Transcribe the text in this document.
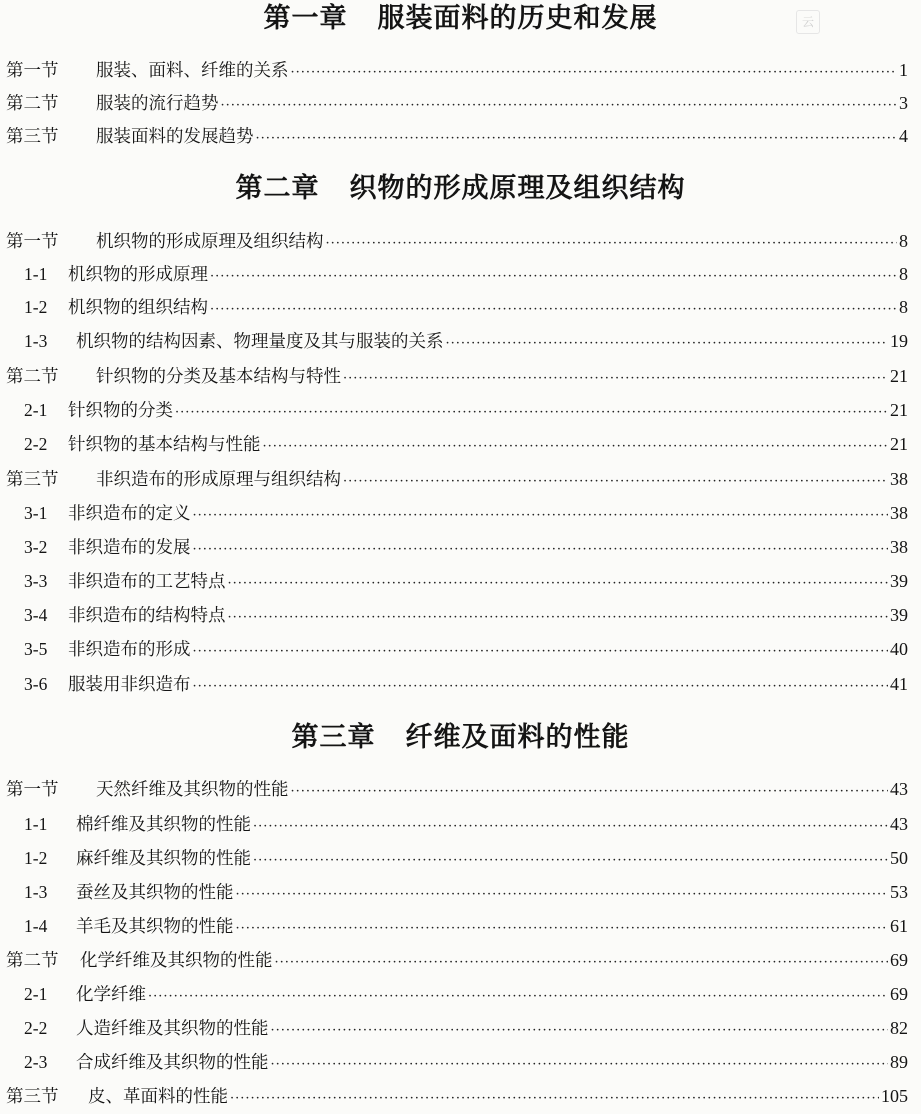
云
第一章 服装面料的历史和发展
第一节	服装、面料、纤维的关系 ·····	1
第二节	服装的流行趋势 ·····	3
第三节	服装面料的发展趋势 ·····	4
第二章 织物的形成原理及组织结构
第一节	机织物的形成原理及组织结构 ·····	8
1-1	机织物的形成原理 ·····	8
1-2	机织物的组织结构 ·····	8
1-3	机织物的结构因素、物理量度及其与服装的关系 ·····	19
第二节	针织物的分类及基本结构与特性 ·····	21
2-1	针织物的分类 ·····	21
2-2	针织物的基本结构与性能 ·····	21
第三节	非织造布的形成原理与组织结构 ·····	38
3-1	非织造布的定义 ·····	38
3-2	非织造布的发展 ·····	38
3-3	非织造布的工艺特点 ·····	39
3-4	非织造布的结构特点 ·····	39
3-5	非织造布的形成 ·····	40
3-6	服装用非织造布 ·····	41
第三章 纤维及面料的性能
第一节	天然纤维及其织物的性能 ·····	43
1-1	棉纤维及其织物的性能 ·····	43
1-2	麻纤维及其织物的性能 ·····	50
1-3	蚕丝及其织物的性能 ·····	53
1-4	羊毛及其织物的性能 ·····	61
第二节	化学纤维及其织物的性能 ·····	69
2-1	化学纤维 ·····	69
2-2	人造纤维及其织物的性能 ·····	82
2-3	合成纤维及其织物的性能 ·····	89
第三节	皮、革面料的性能 ·····	105
